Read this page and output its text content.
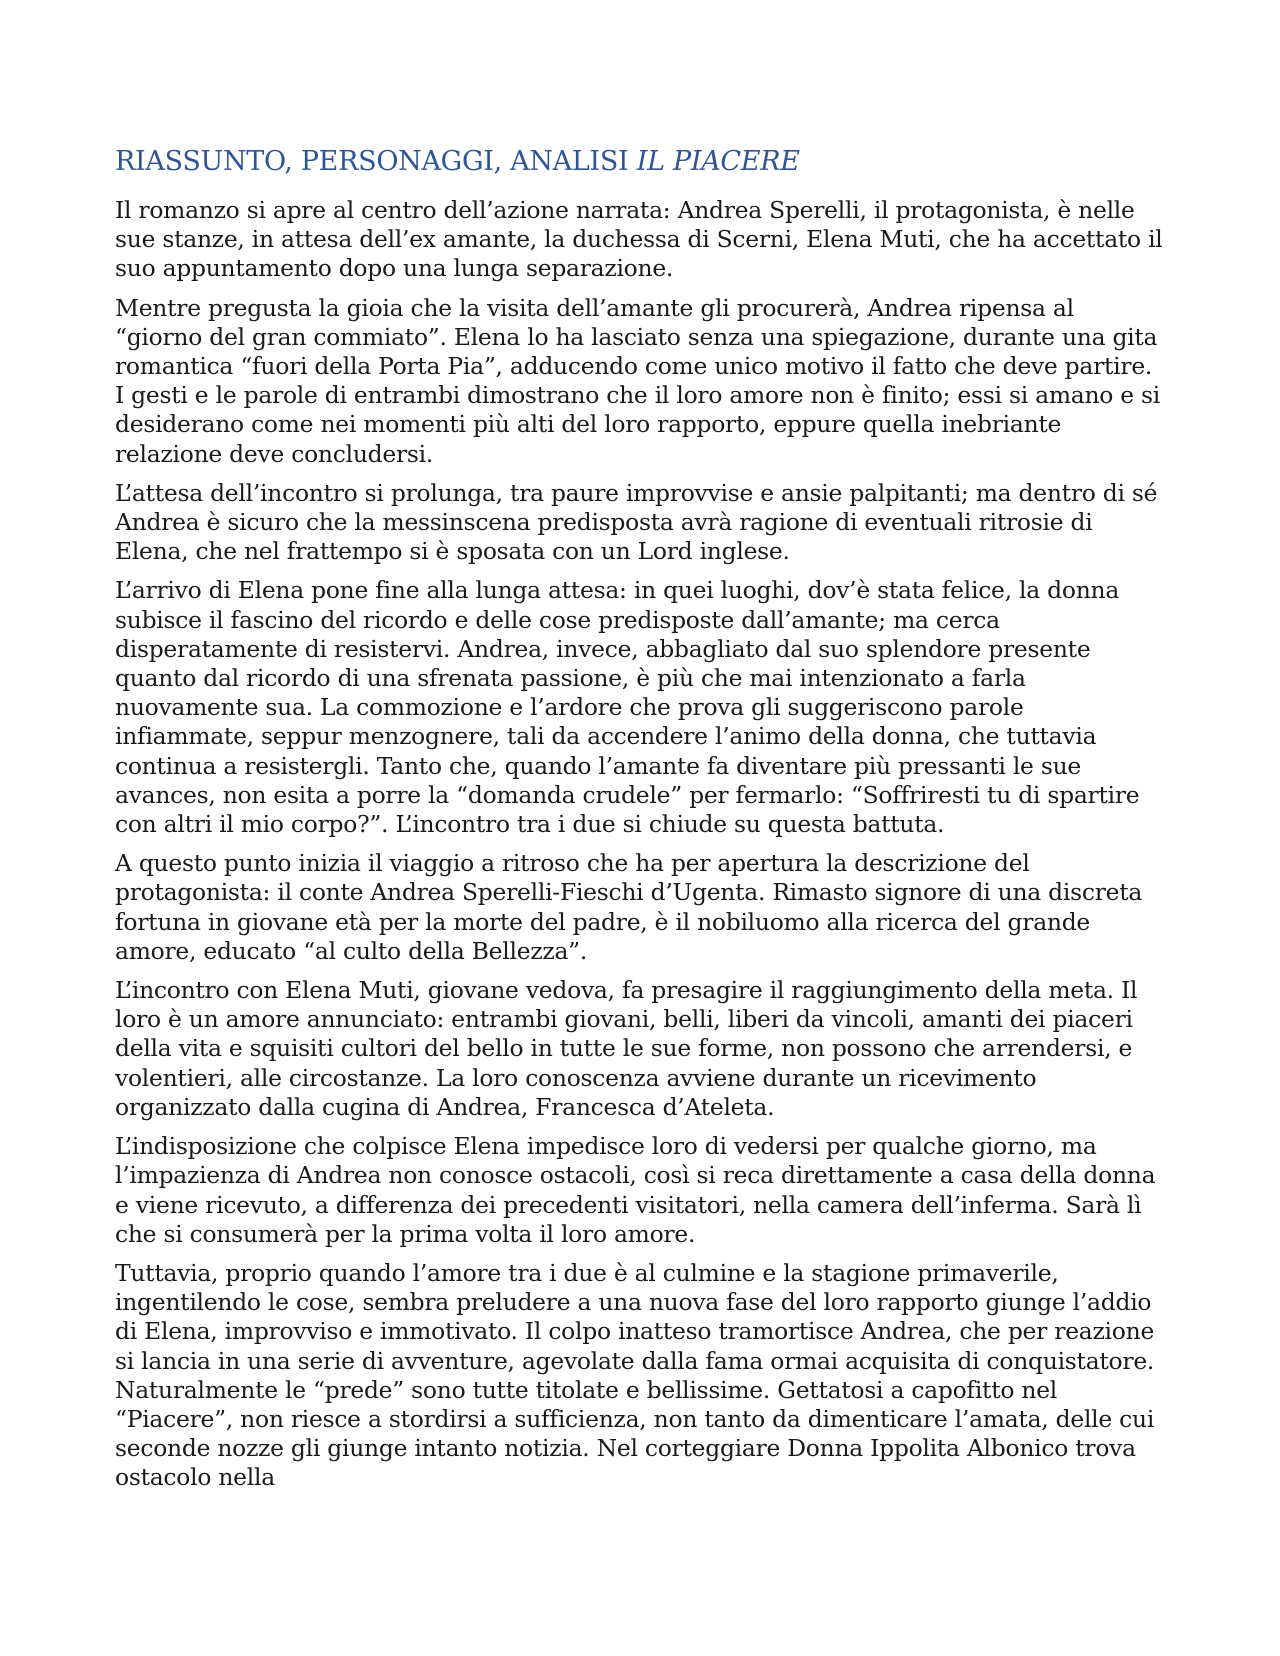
RIASSUNTO, PERSONAGGI, ANALISI IL PIACERE

Il romanzo si apre al centro dell’azione narrata: Andrea Sperelli, il protagonista, è nelle sue stanze, in attesa dell’ex amante, la duchessa di Scerni, Elena Muti, che ha accettato il suo appuntamento dopo una lunga separazione.

Mentre pregusta la gioia che la visita dell’amante gli procurerà, Andrea ripensa al “giorno del gran commiato”. Elena lo ha lasciato senza una spiegazione, durante una gita romantica “fuori della Porta Pia”, adducendo come unico motivo il fatto che deve partire. I gesti e le parole di entrambi dimostrano che il loro amore non è finito; essi si amano e si desiderano come nei momenti più alti del loro rapporto, eppure quella inebriante relazione deve concludersi.

L’attesa dell’incontro si prolunga, tra paure improvvise e ansie palpitanti; ma dentro di sé Andrea è sicuro che la messinscena predisposta avrà ragione di eventuali ritrosie di Elena, che nel frattempo si è sposata con un Lord inglese.

L’arrivo di Elena pone fine alla lunga attesa: in quei luoghi, dov’è stata felice, la donna subisce il fascino del ricordo e delle cose predisposte dall’amante; ma cerca disperatamente di resistervi. Andrea, invece, abbagliato dal suo splendore presente quanto dal ricordo di una sfrenata passione, è più che mai intenzionato a farla nuovamente sua. La commozione e l’ardore che prova gli suggeriscono parole infiammate, seppur menzognere, tali da accendere l’animo della donna, che tuttavia continua a resistergli. Tanto che, quando l’amante fa diventare più pressanti le sue avances, non esita a porre la “domanda crudele” per fermarlo: “Soffriresti tu di spartire con altri il mio corpo?”. L’incontro tra i due si chiude su questa battuta.

A questo punto inizia il viaggio a ritroso che ha per apertura la descrizione del protagonista: il conte Andrea Sperelli-Fieschi d’Ugenta. Rimasto signore di una discreta fortuna in giovane età per la morte del padre, è il nobiluomo alla ricerca del grande amore, educato “al culto della Bellezza”.

L’incontro con Elena Muti, giovane vedova, fa presagire il raggiungimento della meta. Il loro è un amore annunciato: entrambi giovani, belli, liberi da vincoli, amanti dei piaceri della vita e squisiti cultori del bello in tutte le sue forme, non possono che arrendersi, e volentieri, alle circostanze. La loro conoscenza avviene durante un ricevimento organizzato dalla cugina di Andrea, Francesca d’Ateleta.

L’indisposizione che colpisce Elena impedisce loro di vedersi per qualche giorno, ma l’impazienza di Andrea non conosce ostacoli, così si reca direttamente a casa della donna e viene ricevuto, a differenza dei precedenti visitatori, nella camera dell’inferma. Sarà lì che si consumerà per la prima volta il loro amore.

Tuttavia, proprio quando l’amore tra i due è al culmine e la stagione primaverile, ingentilendo le cose, sembra preludere a una nuova fase del loro rapporto giunge l’addio di Elena, improvviso e immotivato. Il colpo inatteso tramortisce Andrea, che per reazione si lancia in una serie di avventure, agevolate dalla fama ormai acquisita di conquistatore. Naturalmente le “prede” sono tutte titolate e bellissime. Gettatosi a capofitto nel “Piacere”, non riesce a stordirsi a sufficienza, non tanto da dimenticare l’amata, delle cui seconde nozze gli giunge intanto notizia. Nel corteggiare Donna Ippolita Albonico trova ostacolo nella
